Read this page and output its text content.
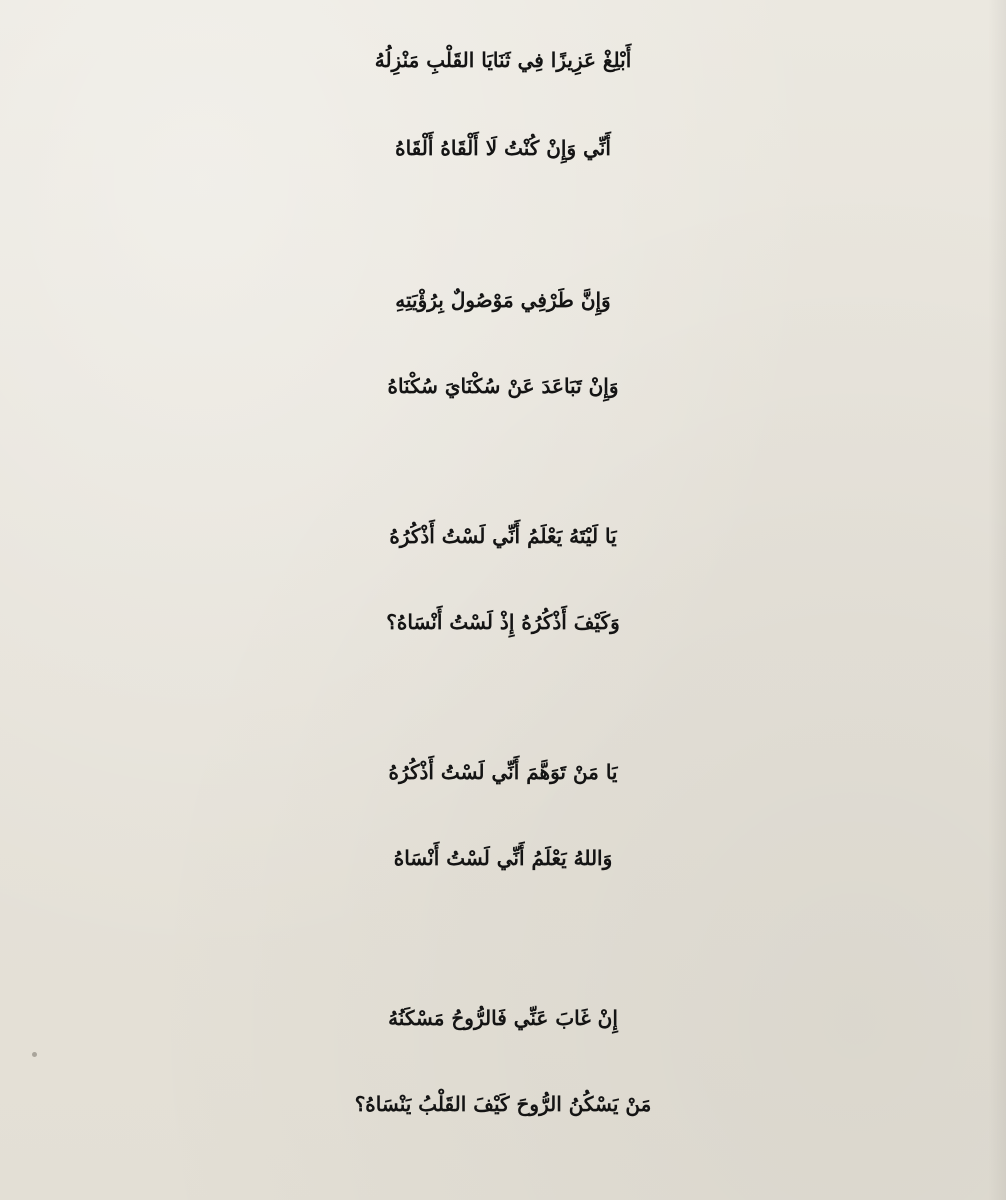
أَبْلِغْ عَزِيزًا فِي ثَنَايَا القَلْبِ مَنْزِلُهُ
أَنِّي وَإِنْ كُنْتُ لَا أَلْقَاهُ أَلْقَاهُ
وَإِنَّ طَرْفِي مَوْصُولٌ بِرُؤْيَتِهِ
وَإِنْ تَبَاعَدَ عَنْ سُكْنَايَ سُكْنَاهُ
يَا لَيْتَهُ يَعْلَمُ أَنِّي لَسْتُ أَذْكُرُهُ
وَكَيْفَ أَذْكُرُهُ إِذْ لَسْتُ أَنْسَاهُ؟
يَا مَنْ تَوَهَّمَ أَنِّي لَسْتُ أَذْكُرُهُ
وَاللهُ يَعْلَمُ أَنِّي لَسْتُ أَنْسَاهُ
إِنْ غَابَ عَنِّي فَالرُّوحُ مَسْكَنُهُ
مَنْ يَسْكُنُ الرُّوحَ كَيْفَ القَلْبُ يَنْسَاهُ؟
